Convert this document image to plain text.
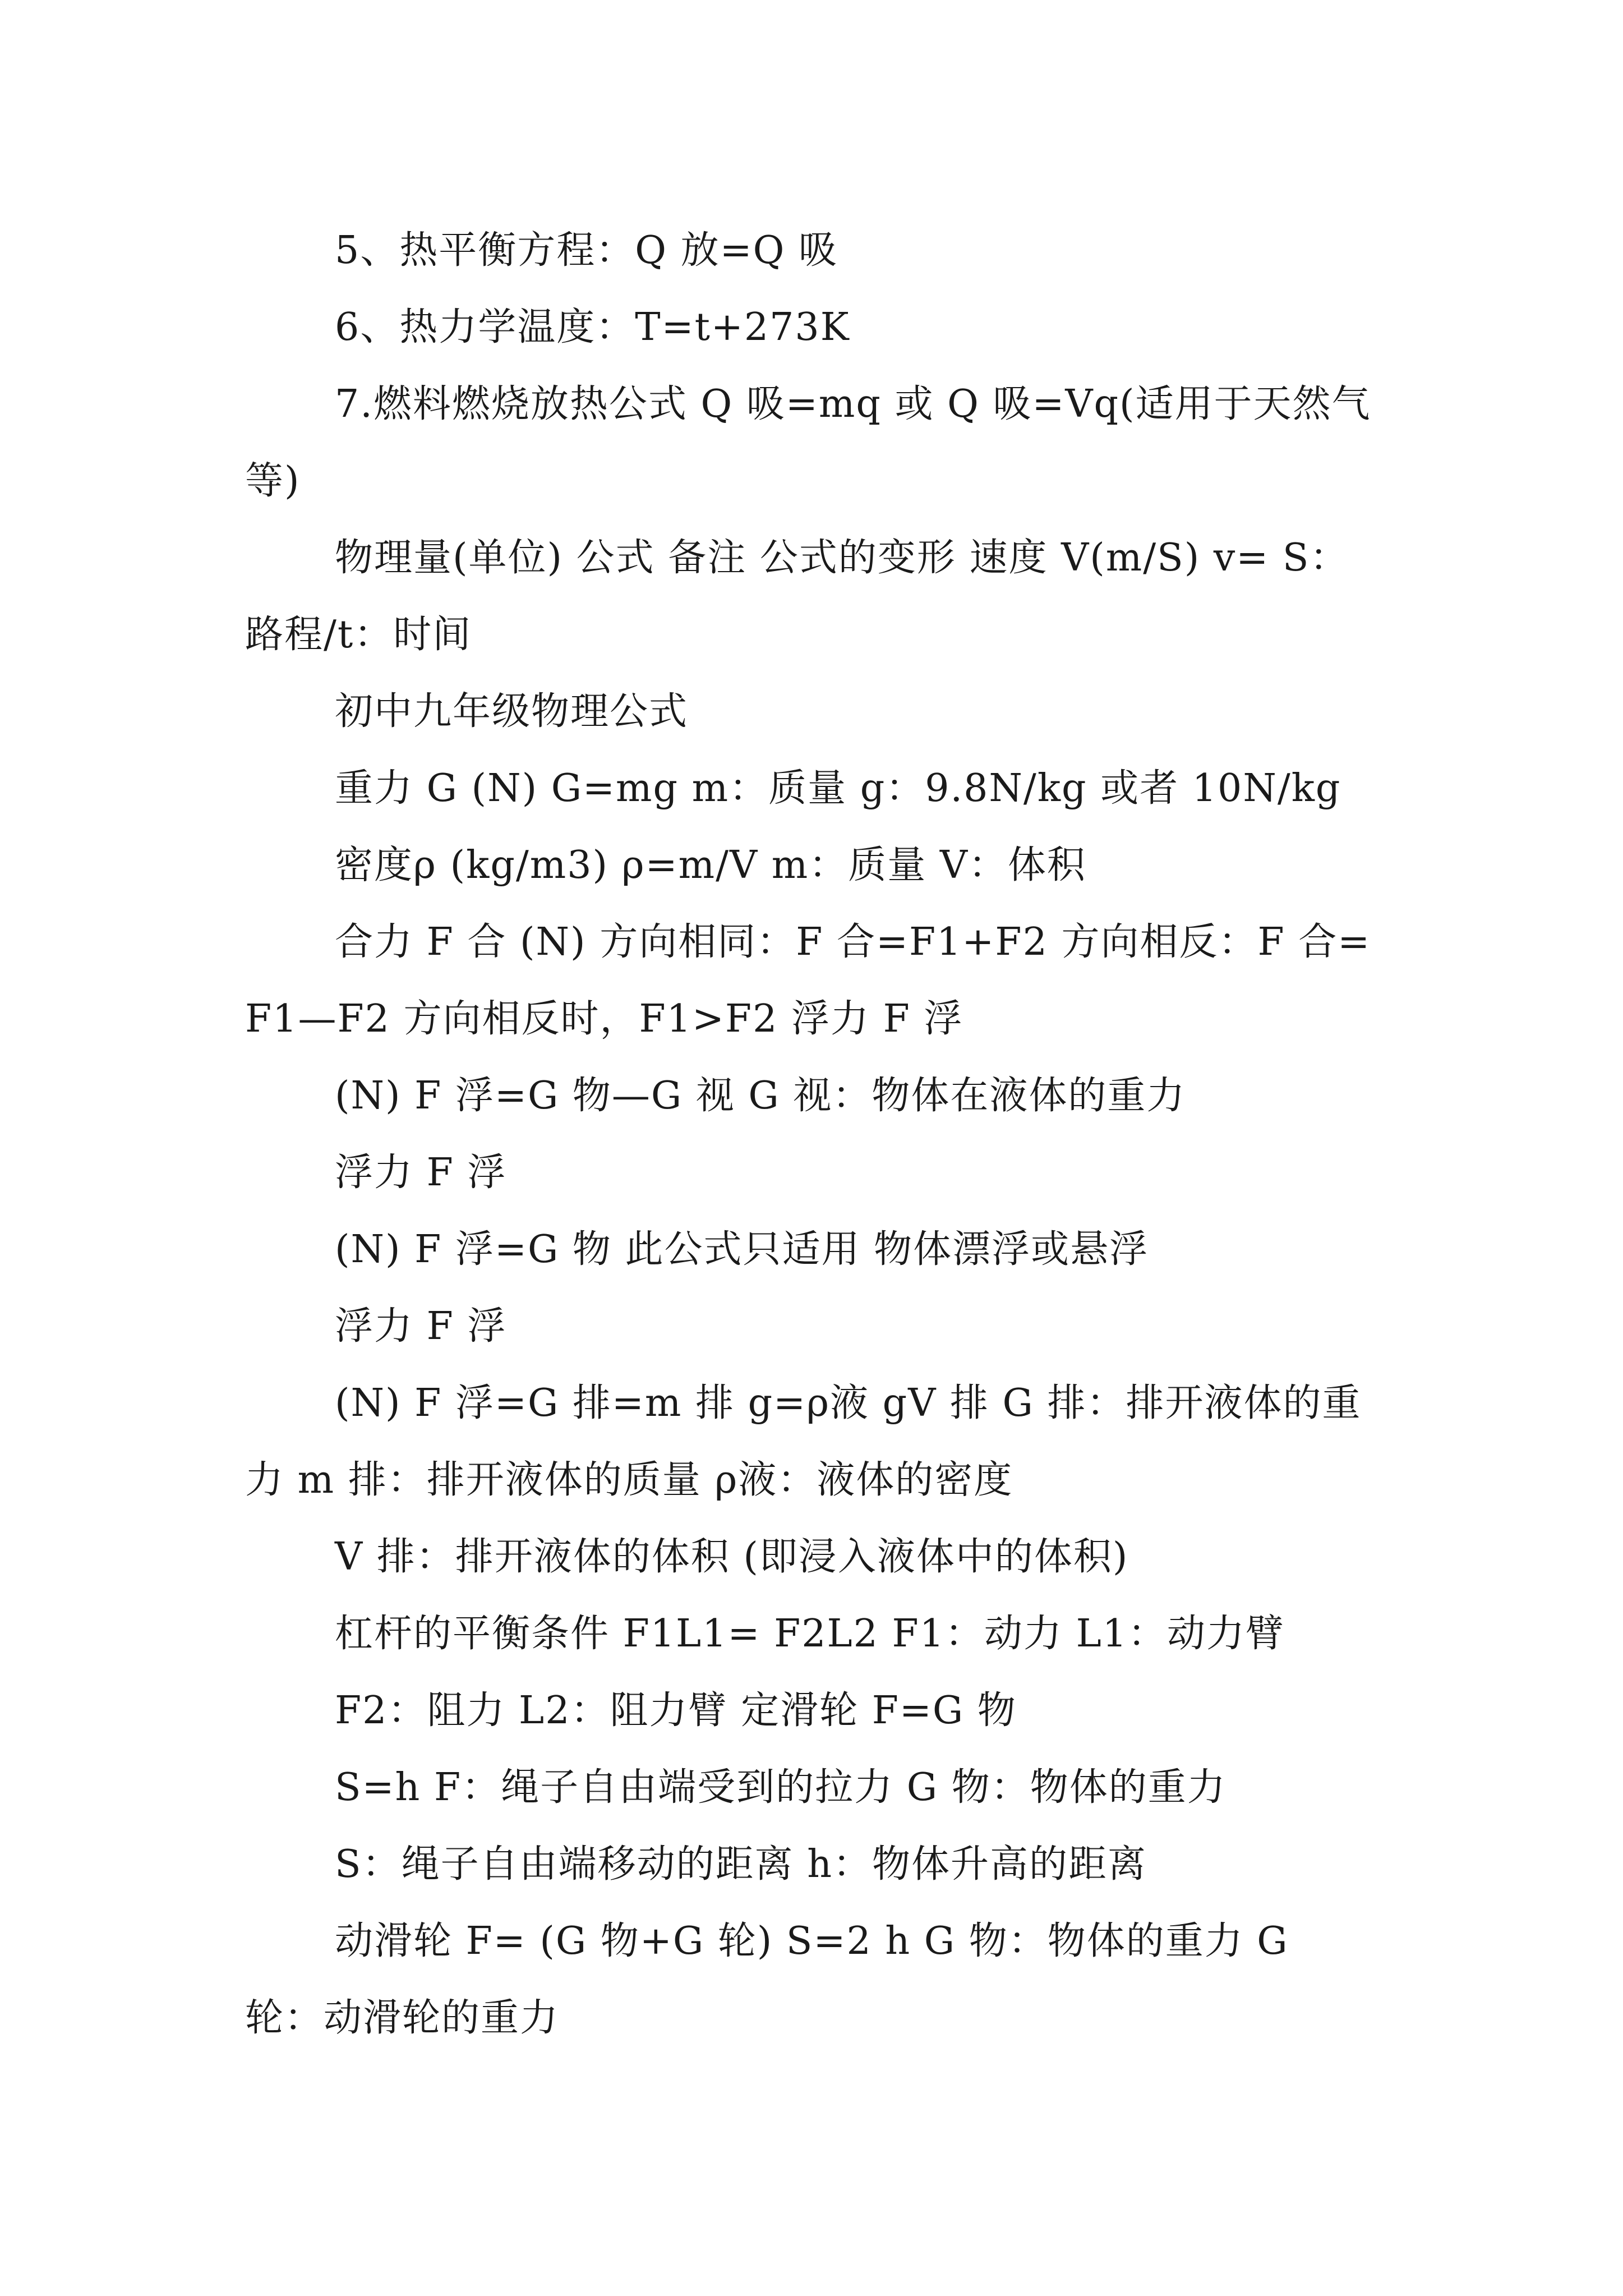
5、热平衡方程：Q 放=Q 吸

6、热力学温度：T=t+273K

7.燃料燃烧放热公式 Q 吸=mq 或 Q 吸=Vq(适用于天然气等)

物理量(单位) 公式 备注 公式的变形 速度 V(m/S) v= S：路程/t：时间

初中九年级物理公式

重力 G (N) G=mg m：质量 g：9.8N/kg 或者 10N/kg

密度ρ (kg/m3) ρ=m/V m：质量 V：体积

合力 F 合 (N) 方向相同：F 合=F1+F2 方向相反：F 合=F1—F2 方向相反时，F1>F2 浮力 F 浮

(N) F 浮=G 物—G 视 G 视：物体在液体的重力

浮力 F 浮

(N) F 浮=G 物 此公式只适用 物体漂浮或悬浮

浮力 F 浮

(N) F 浮=G 排=m 排 g=ρ液 gV 排 G 排：排开液体的重力 m 排：排开液体的质量 ρ液：液体的密度

V 排：排开液体的体积 (即浸入液体中的体积)

杠杆的平衡条件 F1L1= F2L2 F1：动力 L1：动力臂

F2：阻力 L2：阻力臂 定滑轮 F=G 物

S=h F：绳子自由端受到的拉力 G 物：物体的重力

S：绳子自由端移动的距离 h：物体升高的距离

动滑轮 F= (G 物+G 轮) S=2 h G 物：物体的重力 G 轮：动滑轮的重力
